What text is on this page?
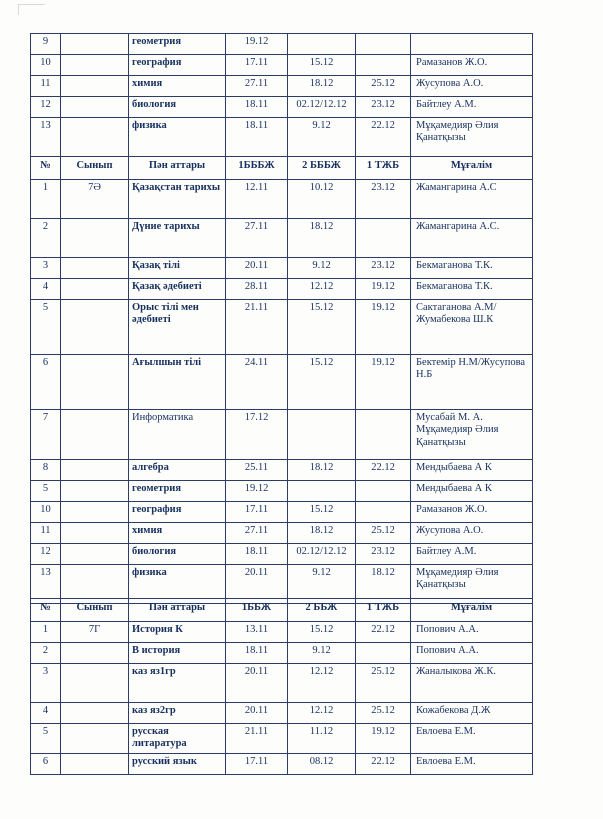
9		геометрия	19.12			
10		география	17.11	15.12		Рамазанов Ж.О.
11		химия	27.11	18.12	25.12	Жусупова А.О.
12		биология	18.11	02.12/12.12	23.12	Байтлеу А.М.
13		физика	18.11	9.12	22.12	Мұқамедияр Әлия Қанатқызы
№	Сынып	Пән аттары	1БББЖ	2 БББЖ	1 ТЖБ	Мұғалім
1	7Ә	Қазақстан тарихы	12.11	10.12	23.12	Жамангарина А.С
2		Дүние тарихы	27.11	18.12		Жамангарина А.С.
3		Қазақ тілі	20.11	9.12	23.12	Бекмаганова Т.К.
4		Қазақ әдебиеті	28.11	12.12	19.12	Бекмаганова Т.К.
5		Орыс тілі мен әдебиеті	21.11	15.12	19.12	Сактаганова А.М/Жумабекова Ш.К
6		Ағылшын тілі	24.11	15.12	19.12	Бектемір Н.М/Жусупова Н.Б
7		Информатика	17.12			Мусабай М. А. Мұқамедияр Әлия Қанатқызы
8		алгебра	25.11	18.12	22.12	Мендыбаева А К
5		геометрия	19.12			Мендыбаева А К
10		география	17.11	15.12		Рамазанов Ж.О.
11		химия	27.11	18.12	25.12	Жусупова А.О.
12		биология	18.11	02.12/12.12	23.12	Байтлеу А.М.
13		физика	20.11	9.12	18.12	Мұқамедияр Әлия Қанатқызы

№	Сынып	Пән аттары	1ББЖ	2 ББЖ	1 ТЖБ	Мұғалім
1	7Г	История К	13.11	15.12	22.12	Попович А.А.
2		В история	18.11	9.12		Попович А.А.
3		каз яз1гр	20.11	12.12	25.12	Жаналыкова Ж.К.
4		каз яз2гр	20.11	12.12	25.12	Кожабекова Д.Ж
5		русская литаратура	21.11	11.12	19.12	Евлоева Е.М.
6		русский язык	17.11	08.12	22.12	Евлоева Е.М.
